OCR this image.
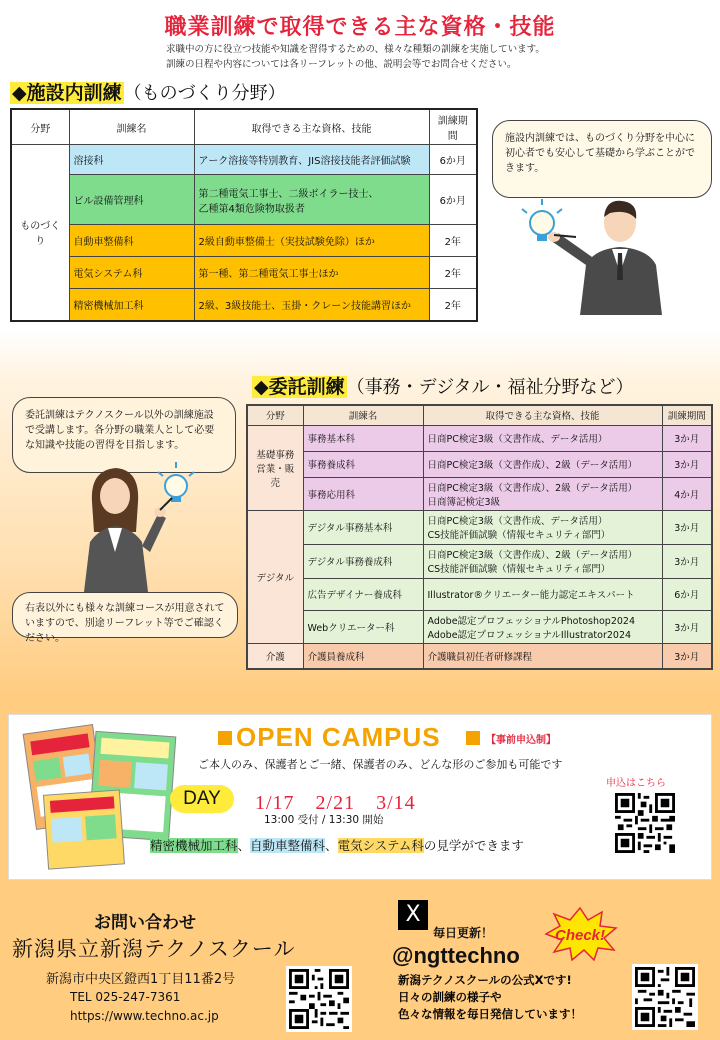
職業訓練で取得できる主な資格・技能
求職中の方に役立つ技能や知識を習得するための、様々な種類の訓練を実施しています。
訓練の日程や内容については各リーフレットの他、説明会等でお問合せください。
◆施設内訓練 （ものづくり分野）
分野	訓練名	取得できる主な資格、技能	訓練期間
ものづくり	溶接科	アーク溶接等特別教育、JIS溶接技能者評価試験	6か月
	ビル設備管理科	第二種電気工事士、二級ボイラー技士、
乙種第4類危険物取扱者	6か月
	自動車整備科	2級自動車整備士（実技試験免除）ほか	2年
	電気システム科	第一種、第二種電気工事士ほか	2年
	精密機械加工科	2級、3級技能士、玉掛・クレーン技能講習ほか	2年
施設内訓練では、ものづくり分野を中心に初心者でも安心して基礎から学ぶことができます。
◆委託訓練 （事務・デジタル・福祉分野など）
委託訓練はテクノスクール以外の訓練施設で受講します。各分野の職業人として必要な知識や技能の習得を目指します。
右表以外にも様々な訓練コースが用意されていますので、別途リーフレット等でご確認ください。
分野	訓練名	取得できる主な資格、技能	訓練期間
基礎事務
営業・販売	事務基本科	日商PC検定3級（文書作成、データ活用）	3か月
	事務養成科	日商PC検定3級（文書作成）、2級（データ活用）	3か月
	事務応用科	日商PC検定3級（文書作成）、2級（データ活用）
日商簿記検定3級	4か月
デジタル	デジタル事務基本科	日商PC検定3級（文書作成、データ活用）
CS技能評価試験（情報セキュリティ部門）	3か月
	デジタル事務養成科	日商PC検定3級（文書作成）、2級（データ活用）
CS技能評価試験（情報セキュリティ部門）	3か月
	広告デザイナー養成科	Illustrator®クリエーター能力認定エキスパート	6か月
	Webクリエーター科	Adobe認定プロフェッショナルPhotoshop2024
Adobe認定プロフェッショナルIllustrator2024	3か月
介護	介護員養成科	介護職員初任者研修課程	3か月
OPEN CAMPUS	【事前申込制】
ご本人のみ、保護者とご一緒、保護者のみ、どんな形のご参加も可能です
DAY	1/17　2/21　3/14
13:00 受付 / 13:30 開始
精密機械加工科、自動車整備科、電気システム科の見学ができます
申込はこちら
お問い合わせ
新潟県立新潟テクノスクール
新潟市中央区鐙西1丁目11番2号
TEL 025-247-7361
https://www.techno.ac.jp
X
毎日更新！
@ngttechno
Check!
新潟テクノスクールの公式Xです!
日々の訓練の様子や
色々な情報を毎日発信しています！
